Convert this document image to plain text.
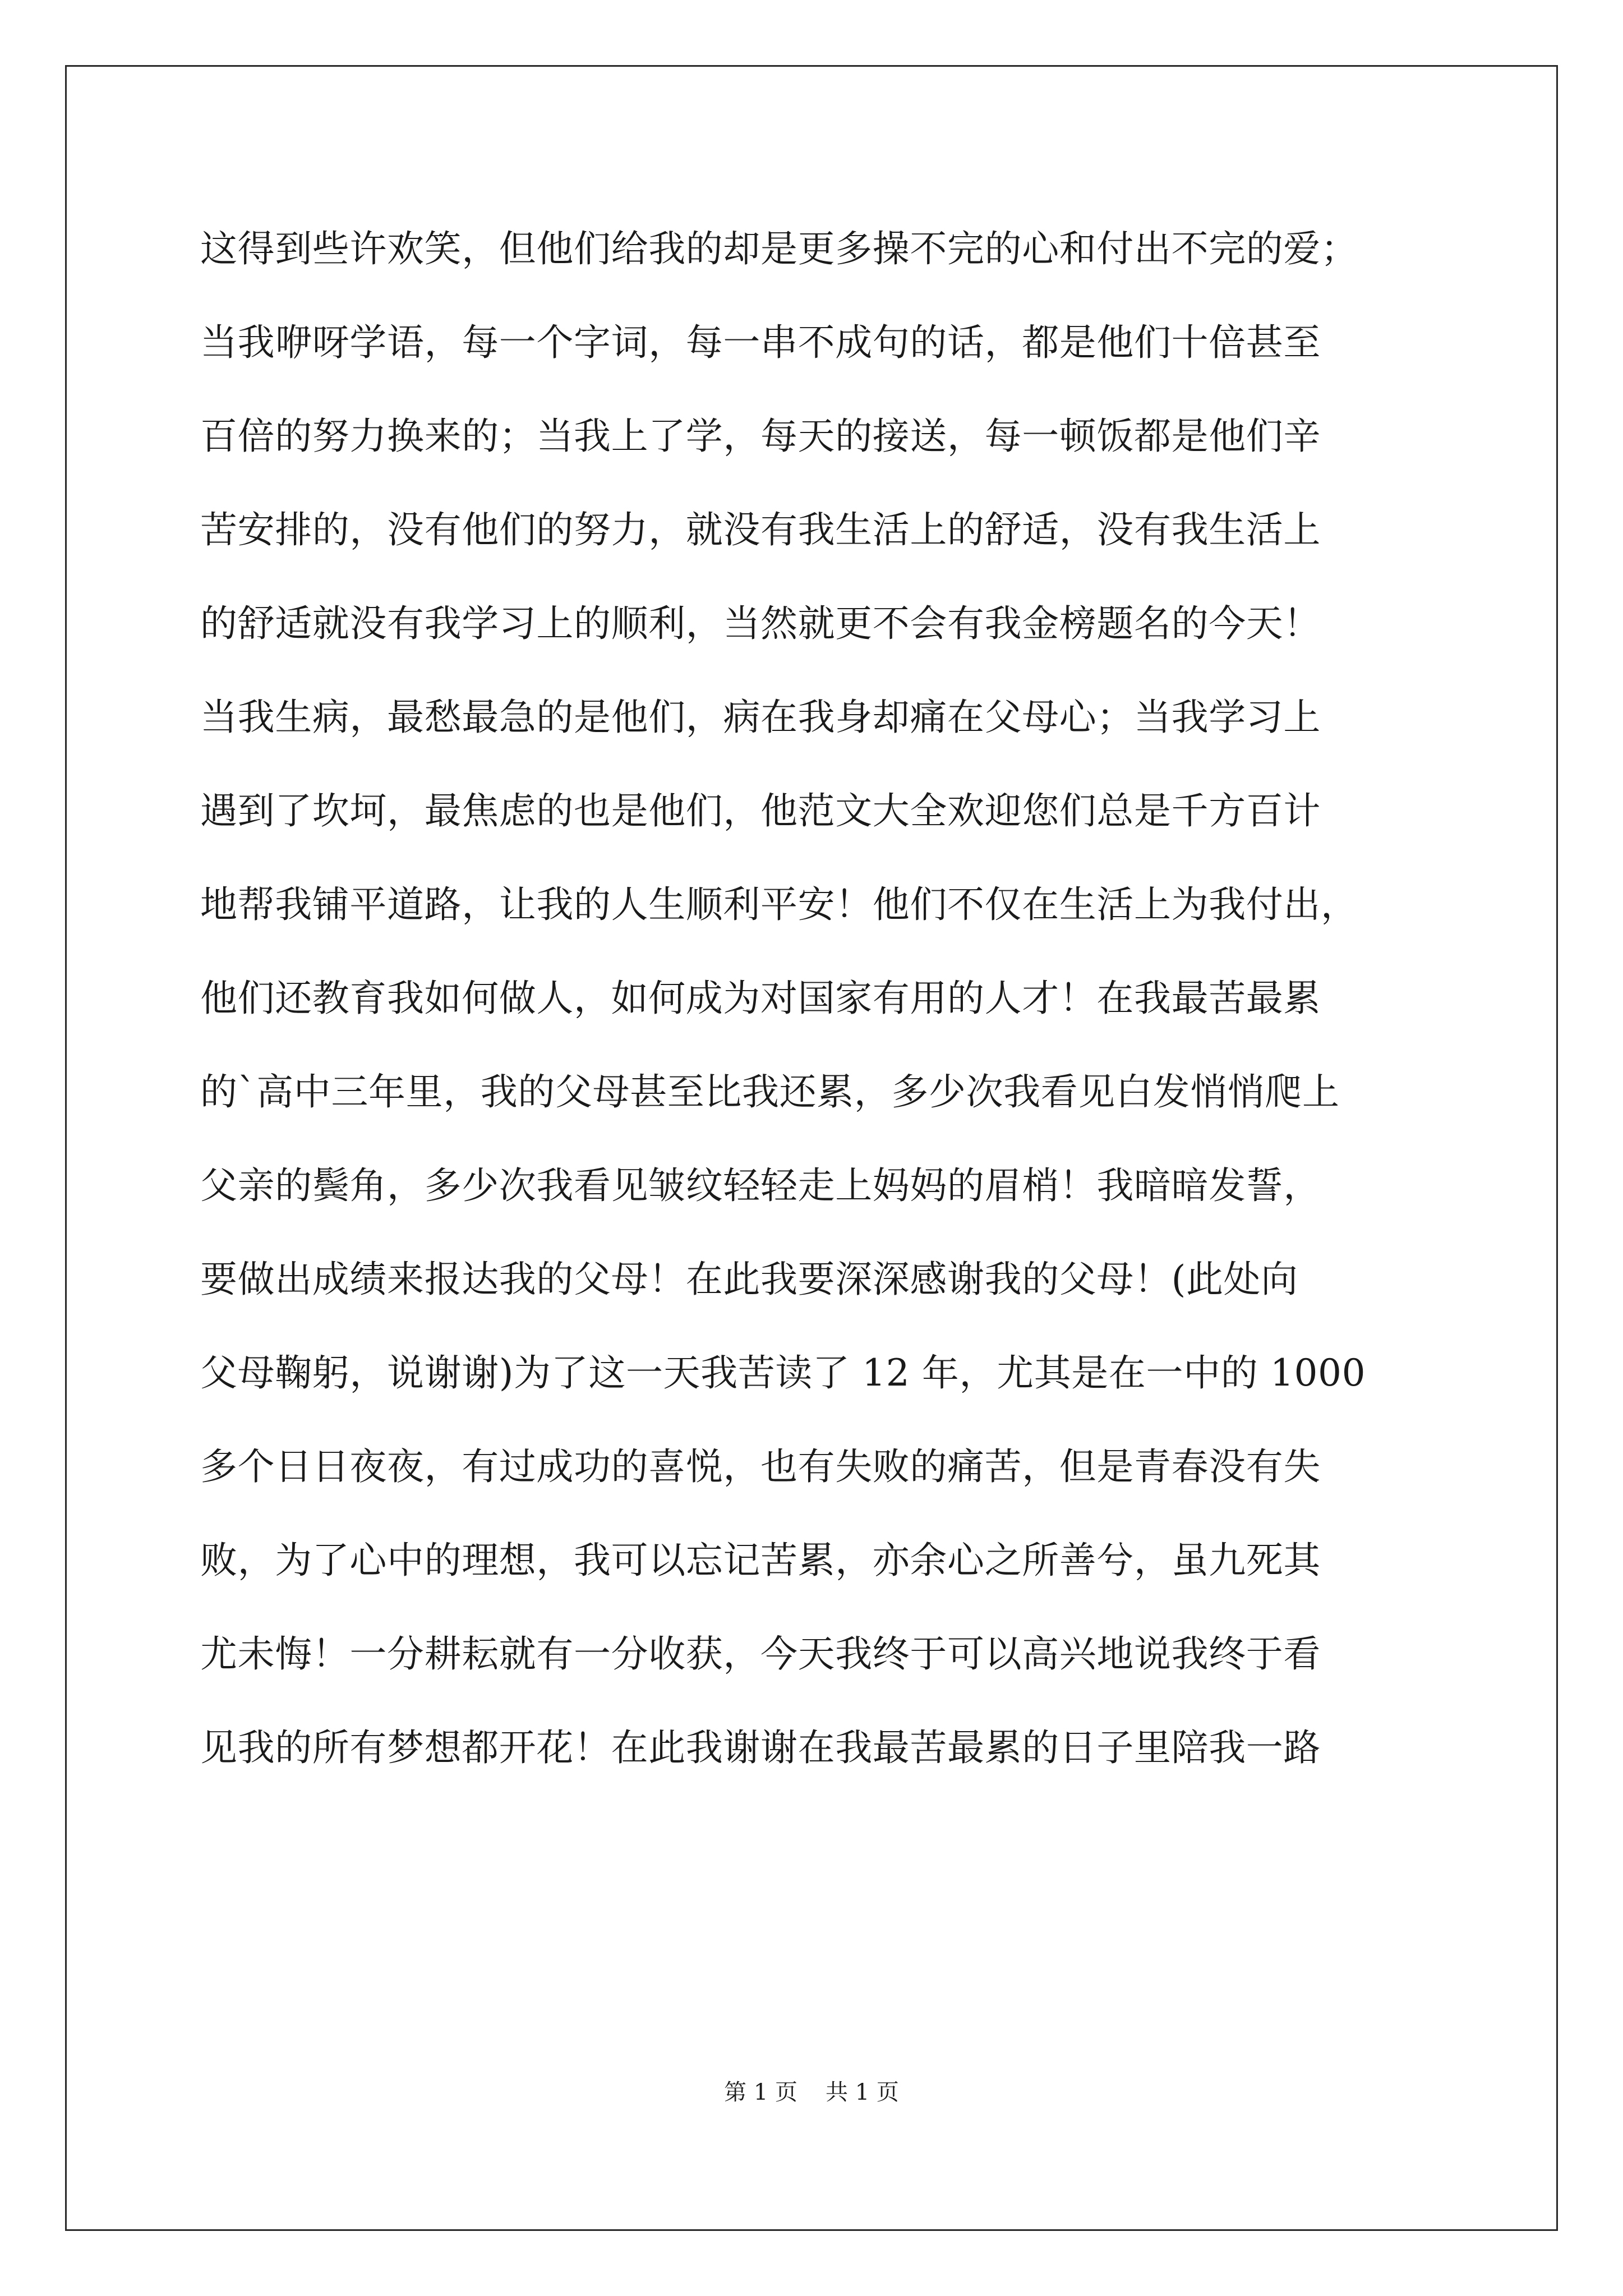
这得到些许欢笑，但他们给我的却是更多操不完的心和付出不完的爱；
当我咿呀学语，每一个字词，每一串不成句的话，都是他们十倍甚至
百倍的努力换来的；当我上了学，每天的接送，每一顿饭都是他们辛
苦安排的，没有他们的努力，就没有我生活上的舒适，没有我生活上
的舒适就没有我学习上的顺利，当然就更不会有我金榜题名的今天！
当我生病，最愁最急的是他们，病在我身却痛在父母心；当我学习上
遇到了坎坷，最焦虑的也是他们，他范文大全欢迎您们总是千方百计
地帮我铺平道路，让我的人生顺利平安！他们不仅在生活上为我付出，
他们还教育我如何做人，如何成为对国家有用的人才！在我最苦最累
的`高中三年里，我的父母甚至比我还累，多少次我看见白发悄悄爬上
父亲的鬓角，多少次我看见皱纹轻轻走上妈妈的眉梢！我暗暗发誓，
要做出成绩来报达我的父母！在此我要深深感谢我的父母！(此处向
父母鞠躬，说谢谢)为了这一天我苦读了 12 年，尤其是在一中的 1000
多个日日夜夜，有过成功的喜悦，也有失败的痛苦，但是青春没有失
败，为了心中的理想，我可以忘记苦累，亦余心之所善兮，虽九死其
尤未悔！一分耕耘就有一分收获，今天我终于可以高兴地说我终于看
见我的所有梦想都开花！在此我谢谢在我最苦最累的日子里陪我一路
第 1 页 共 1 页
